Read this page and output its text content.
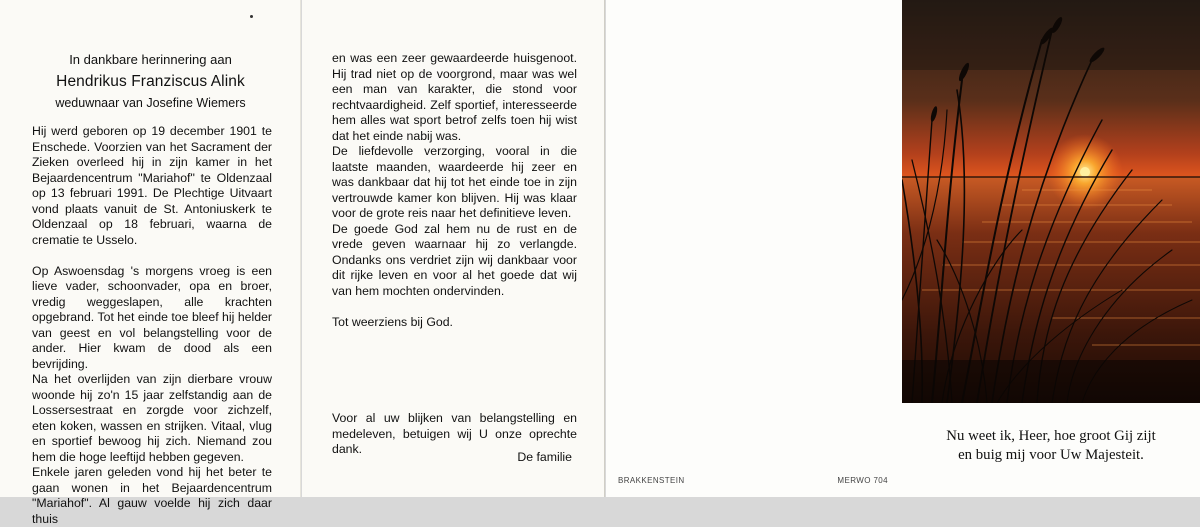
In dankbare herinnering aan
Hendrikus Franziscus Alink
weduwnaar van Josefine Wiemers

Hij werd geboren op 19 december 1901 te Enschede. Voorzien van het Sacrament der Zieken overleed hij in zijn kamer in het Bejaardencentrum "Mariahof" te Oldenzaal op 13 februari 1991. De Plechtige Uitvaart vond plaats vanuit de St. Antoniuskerk te Oldenzaal op 18 februari, waarna de crematie te Usselo.

Op Aswoensdag 's morgens vroeg is een lieve vader, schoonvader, opa en broer, vredig weggeslapen, alle krachten opgebrand. Tot het einde toe bleef hij helder van geest en vol belangstelling voor de ander. Hier kwam de dood als een bevrijding.

Na het overlijden van zijn dierbare vrouw woonde hij zo'n 15 jaar zelfstandig aan de Lossersestraat en zorgde voor zichzelf, eten koken, wassen en strijken. Vitaal, vlug en sportief bewoog hij zich. Niemand zou hem die hoge leeftijd hebben gegeven.

Enkele jaren geleden vond hij het beter te gaan wonen in het Bejaardencentrum "Mariahof". Al gauw voelde hij zich daar thuis

en was een zeer gewaardeerde huisgenoot. Hij trad niet op de voorgrond, maar was wel een man van karakter, die stond voor rechtvaardigheid. Zelf sportief, interesseerde hem alles wat sport betrof zelfs toen hij wist dat het einde nabij was.

De liefdevolle verzorging, vooral in die laatste maanden, waardeerde hij zeer en was dankbaar dat hij tot het einde toe in zijn vertrouwde kamer kon blijven. Hij was klaar voor de grote reis naar het definitieve leven.

De goede God zal hem nu de rust en de vrede geven waarnaar hij zo verlangde. Ondanks ons verdriet zijn wij dankbaar voor dit rijke leven en voor al het goede dat wij van hem mochten ondervinden.

Tot weerziens bij God.

Voor al uw blijken van belangstelling en medeleven, betuigen wij U onze oprechte dank.
De familie
BRAKKENSTEIN	MERWO 704

Nu weet ik, Heer, hoe groot Gij zijt

en buig mij voor Uw Majesteit.
